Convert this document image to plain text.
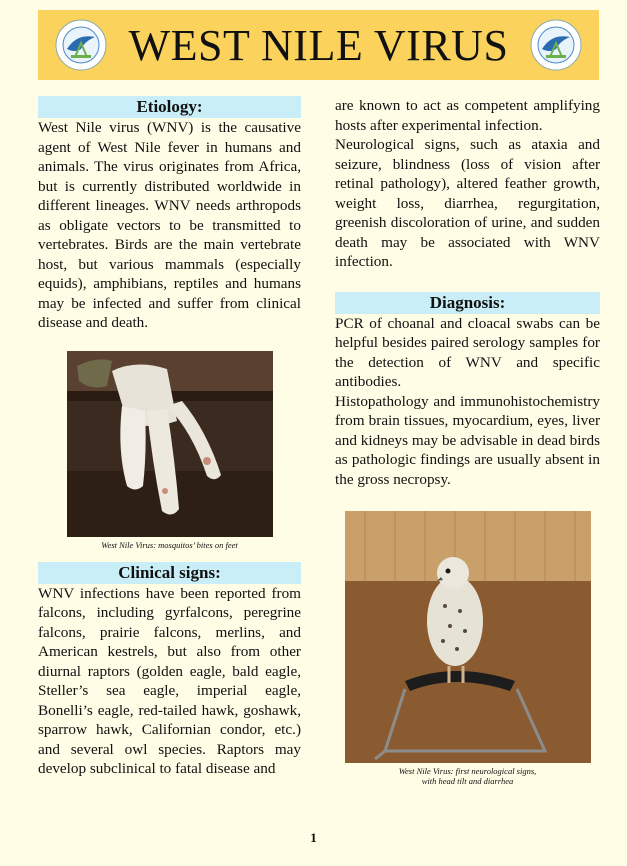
WEST NILE VIRUS
Etiology:

West Nile virus (WNV) is the causative agent of West Nile fever in humans and animals. The virus originates from Africa, but is currently distributed worldwide in different lineages. WNV needs arthropods as obligate vectors to be transmitted to vertebrates. Birds are the main vertebrate host, but various mammals (especially equids), amphibians, reptiles and humans may be infected and suffer from clinical disease and death.

West Nile Virus: mosquitos’ bites on feet

Clinical signs:

WNV infections have been reported from falcons, including gyrfalcons, peregrine falcons, prairie falcons, merlins, and American kestrels, but also from other diurnal raptors (golden eagle, bald eagle, Steller’s sea eagle, imperial eagle, Bonelli’s eagle, red-tailed hawk, goshawk, sparrow hawk, Californian condor, etc.) and several owl species. Raptors may develop subclinical to fatal disease and

are known to act as competent amplifying hosts after experimental infection.

Neurological signs, such as ataxia and seizure, blindness (loss of vision after retinal pathology), altered feather growth, weight loss, diarrhea, regurgitation, greenish discoloration of urine, and sudden death may be associated with WNV infection.

Diagnosis:

PCR of choanal and cloacal swabs can be helpful besides paired serology samples for the detection of WNV and specific antibodies.

Histopathology and immunohistochemistry from brain tissues, myocardium, eyes, liver and kidneys may be advisable in dead birds as pathologic findings are usually absent in the gross necropsy.

West Nile Virus: first neurological signs,

with head tilt and diarrhea

1
